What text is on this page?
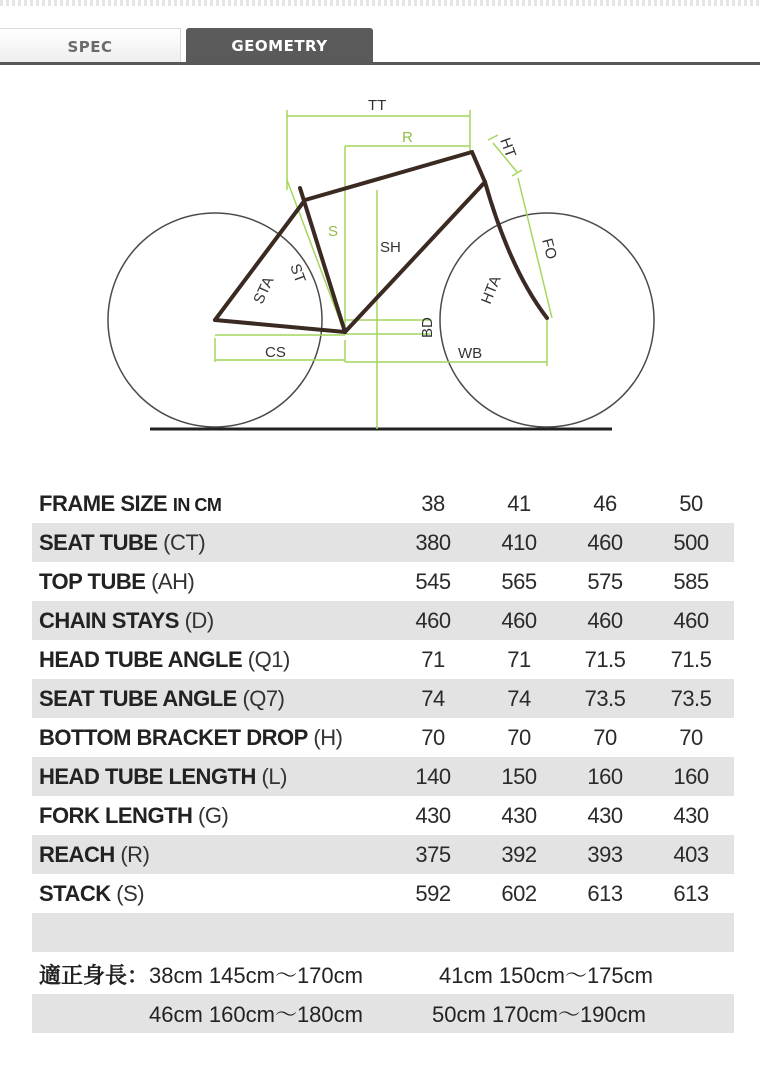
SPEC	GEOMETRY
TT
R	HT
S
SH
STA
ST
FO
HTA
BD
CS	WB
FRAME SIZE IN CM	38	41	46	50
SEAT TUBE (CT)	380	410	460	500
TOP TUBE (AH)	545	565	575	585
CHAIN STAYS (D)	460	460	460	460
HEAD TUBE ANGLE (Q1)	71	71	71.5	71.5
SEAT TUBE ANGLE (Q7)	74	74	73.5	73.5
BOTTOM BRACKET DROP (H)	70	70	70	70
HEAD TUBE LENGTH (L)	140	150	160	160
FORK LENGTH (G)	430	430	430	430
REACH (R)	375	392	393	403
STACK (S)	592	602	613	613
適正身長： 38cm 145cm〜170cm	41cm 150cm〜175cm
46cm 160cm〜180cm	50cm 170cm〜190cm
